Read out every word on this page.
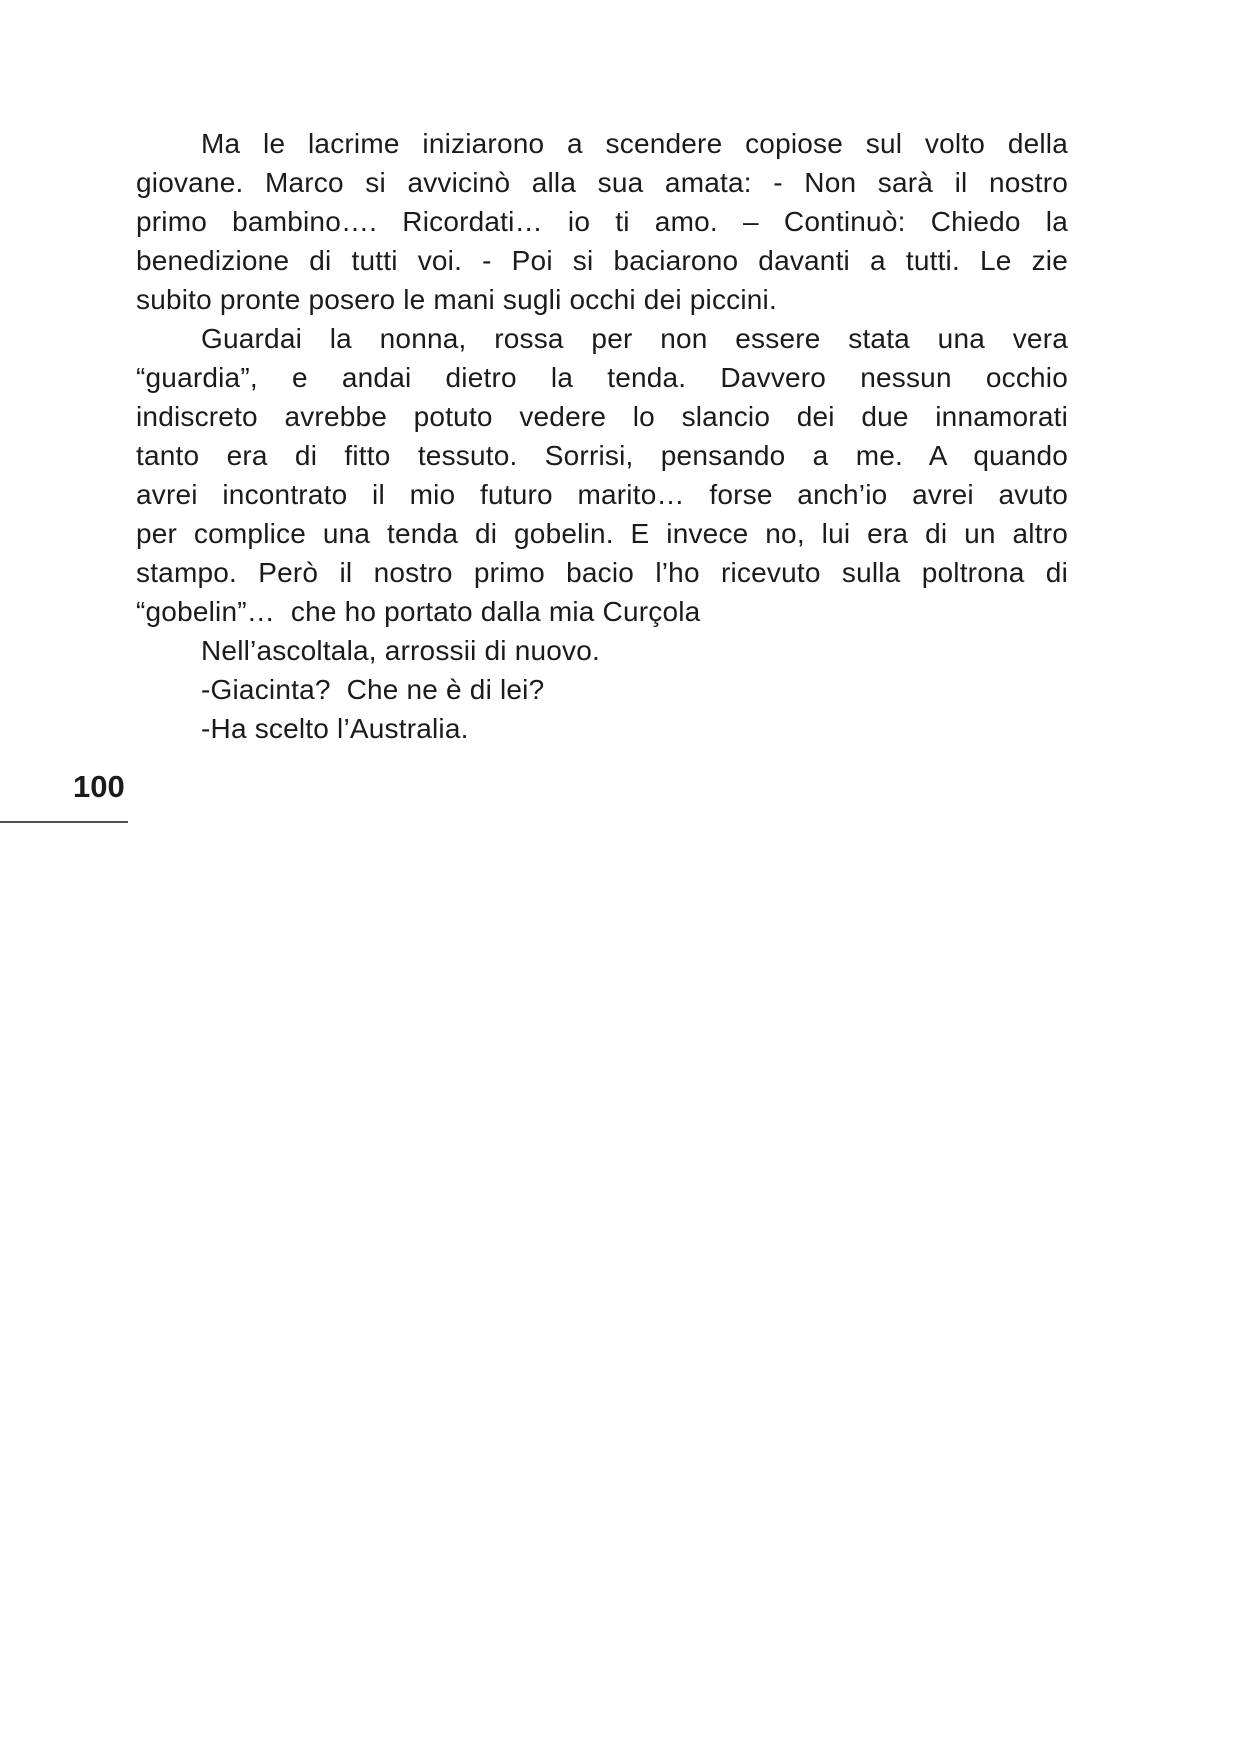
Ma le lacrime iniziarono a scendere copiose sul volto della
giovane. Marco si avvicinò alla sua amata: - Non sarà il nostro
primo bambino…. Ricordati… io ti amo. – Continuò: Chiedo la
benedizione di tutti voi. - Poi si baciarono davanti a tutti. Le zie
subito pronte posero le mani sugli occhi dei piccini.
Guardai la nonna, rossa per non essere stata una vera
“guardia”, e andai dietro la tenda. Davvero nessun occhio
indiscreto avrebbe potuto vedere lo slancio dei due innamorati
tanto era di fitto tessuto. Sorrisi, pensando a me. A quando
avrei incontrato il mio futuro marito… forse anch’io avrei avuto
per complice una tenda di gobelin. E invece no, lui era di un altro
stampo. Però il nostro primo bacio l’ho ricevuto sulla poltrona di
“gobelin”…  che ho portato dalla mia Curçola
Nell’ascoltala, arrossii di nuovo.
-Giacinta?  Che ne è di lei?
-Ha scelto l’Australia.
100
